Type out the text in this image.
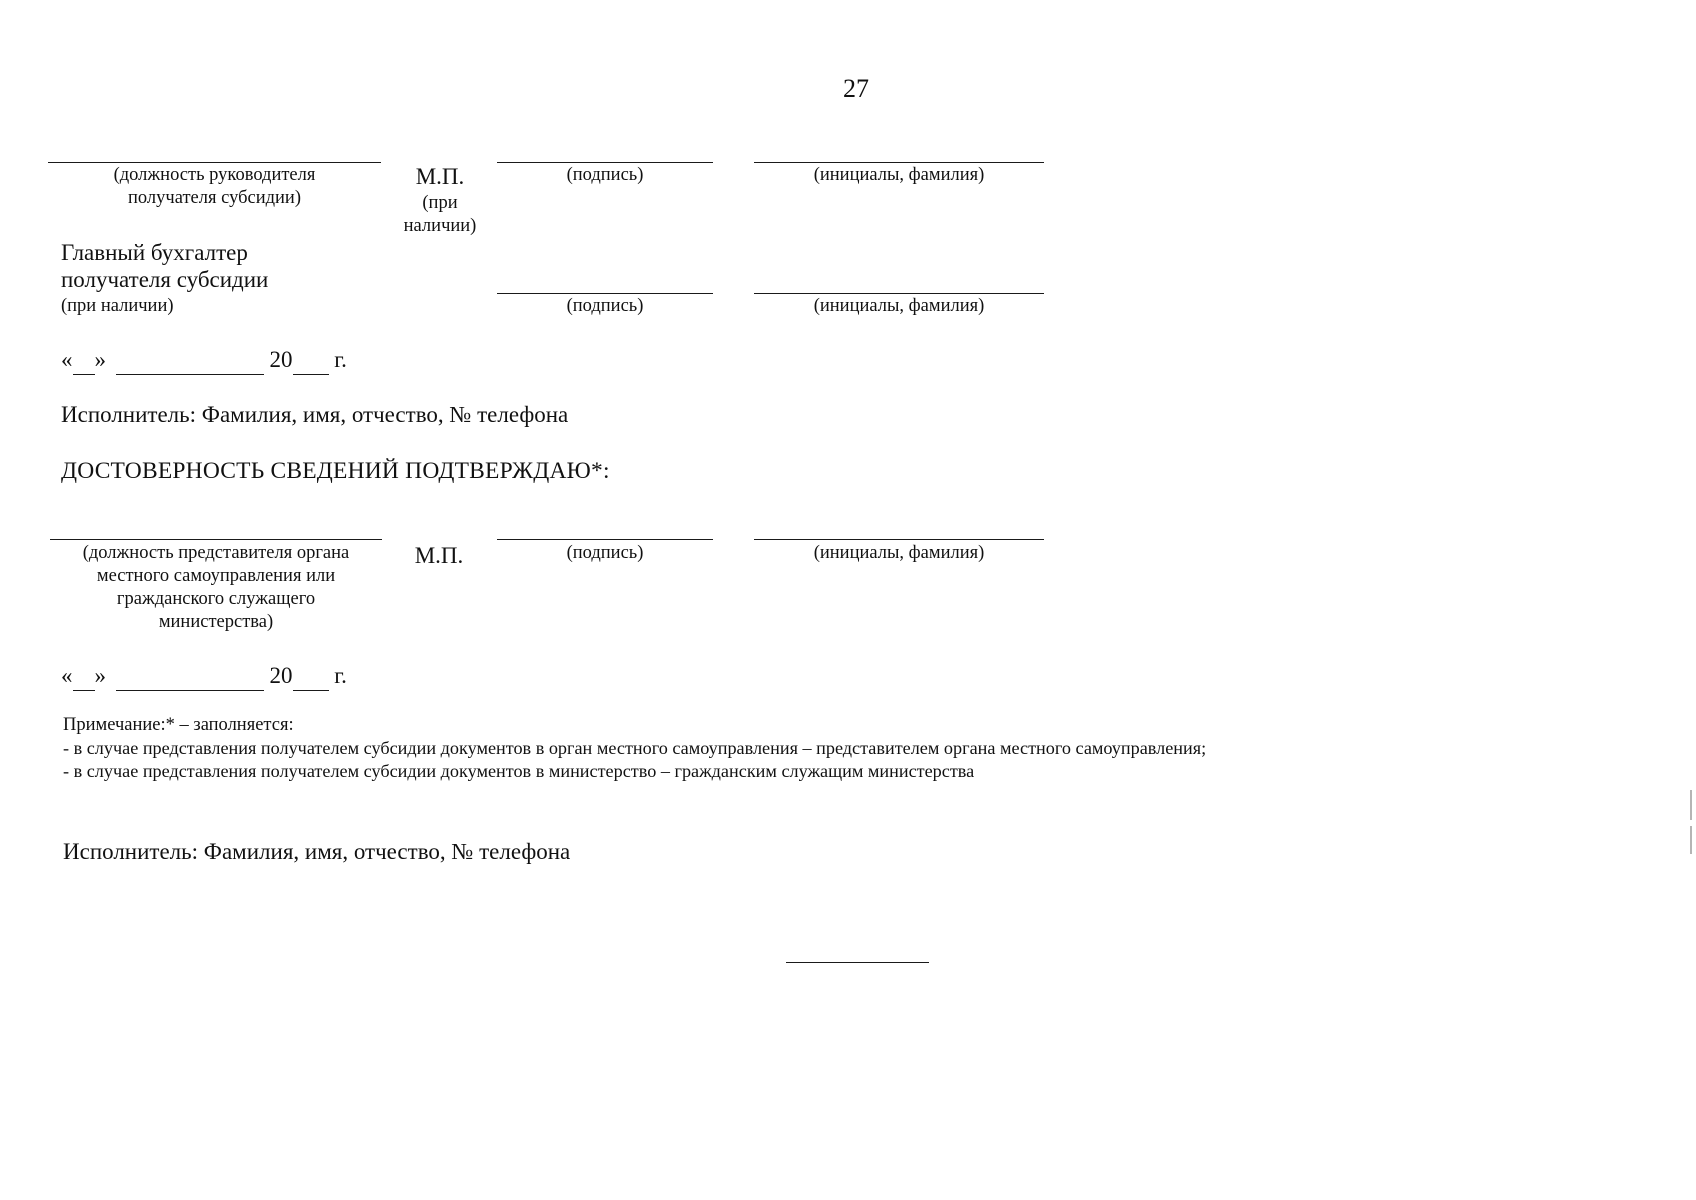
27
(должность руководителя
получателя субсидии)
М.П.
(при
наличии)
(подпись)	(инициалы, фамилия)
Главный бухгалтер
получателя субсидии
(при наличии)	(подпись)	(инициалы, фамилия)
« »	20 г.
Исполнитель: Фамилия, имя, отчество, № телефона
ДОСТОВЕРНОСТЬ СВЕДЕНИЙ ПОДТВЕРЖДАЮ*:
(должность представителя органа
местного самоуправления или
гражданского служащего
министерства)
М.П.	(подпись)	(инициалы, фамилия)
« »	20 г.
Примечание:* – заполняется:
- в случае представления получателем субсидии документов в орган местного самоуправления – представителем органа местного самоуправления;
- в случае представления получателем субсидии документов в министерство – гражданским служащим министерства
Исполнитель: Фамилия, имя, отчество, № телефона
